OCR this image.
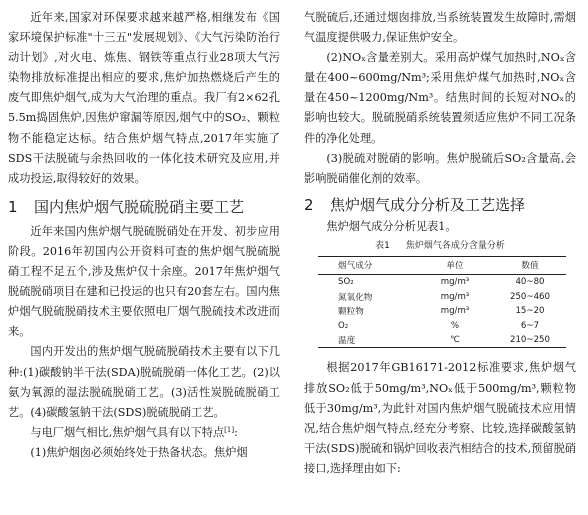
近年来,国家对环保要求越来越严格,相继发布《国家环境保护标准"十三五"发展规划》、《大气污染防治行动计划》,对火电、炼焦、钢铁等重点行业28项大气污染物排放标准提出相应的要求,焦炉加热燃烧后产生的废气即焦炉烟气,成为大气治理的重点。我厂有2×62孔5.5m捣固焦炉,因焦炉窜漏等原因,烟气中的SO₂、颗粒物不能稳定达标。结合焦炉烟气特点,2017年实施了SDS干法脱硫与余热回收的一体化技术研究及应用,并成功投运,取得较好的效果。

1 国内焦炉烟气脱硫脱硝主要工艺

近年来国内焦炉烟气脱硫脱硝处在开发、初步应用阶段。2016年初国内公开资料可查的焦炉烟气脱硫脱硝工程不足五个,涉及焦炉仅十余座。2017年焦炉烟气脱硫脱硝项目在建和已投运的也只有20套左右。国内焦炉烟气脱硫脱硝技术主要依照电厂烟气脱硫技术改进而来。

国内开发出的焦炉烟气脱硫脱硝技术主要有以下几种:(1)碳酸钠半干法(SDA)脱硫脱硝一体化工艺。(2)以氨为氧源的湿法脱硫脱硝工艺。(3)活性炭脱硫脱硝工艺。(4)碳酸氢钠干法(SDS)脱硫脱硝工艺。

与电厂烟气相比,焦炉烟气具有以下特点[1]:

(1)焦炉烟囱必须始终处于热备状态。焦炉烟

气脱硫后,还通过烟囱排放,当系统装置发生故障时,需烟气温度提供吸力,保证焦炉安全。

(2)NOₓ含量差别大。采用高炉煤气加热时,NOₓ含量在400~600mg/Nm³;采用焦炉煤气加热时,NOₓ含量在450~1200mg/Nm³。结焦时间的长短对NOₓ的影响也较大。脱硫脱硝系统装置须适应焦炉不同工况条件的净化处理。

(3)脱硫对脱硝的影响。焦炉脱硫后SO₂含量高,会影响脱硝催化剂的效率。

2 焦炉烟气成分分析及工艺选择

焦炉烟气成分分析见表1。

表1 焦炉烟气各成分含量分析
烟气成分	单位	数值
SO₂	mg/m³	40~80
氮氧化物	mg/m³	250~460
颗粒物	mg/m³	15~20
O₂	%	6~7
温度	℃	210~250

根据2017年GB16171-2012标准要求,焦炉烟气排放SO₂低于50mg/m³,NOₓ低于500mg/m³,颗粒物低于30mg/m³,为此针对国内焦炉烟气脱硫技术应用情况,结合焦炉烟气特点,经充分考察、比较,选择碳酸氢钠干法(SDS)脱硫和锅炉回收表汽相结合的技术,预留脱硝接口,选择理由如下:
